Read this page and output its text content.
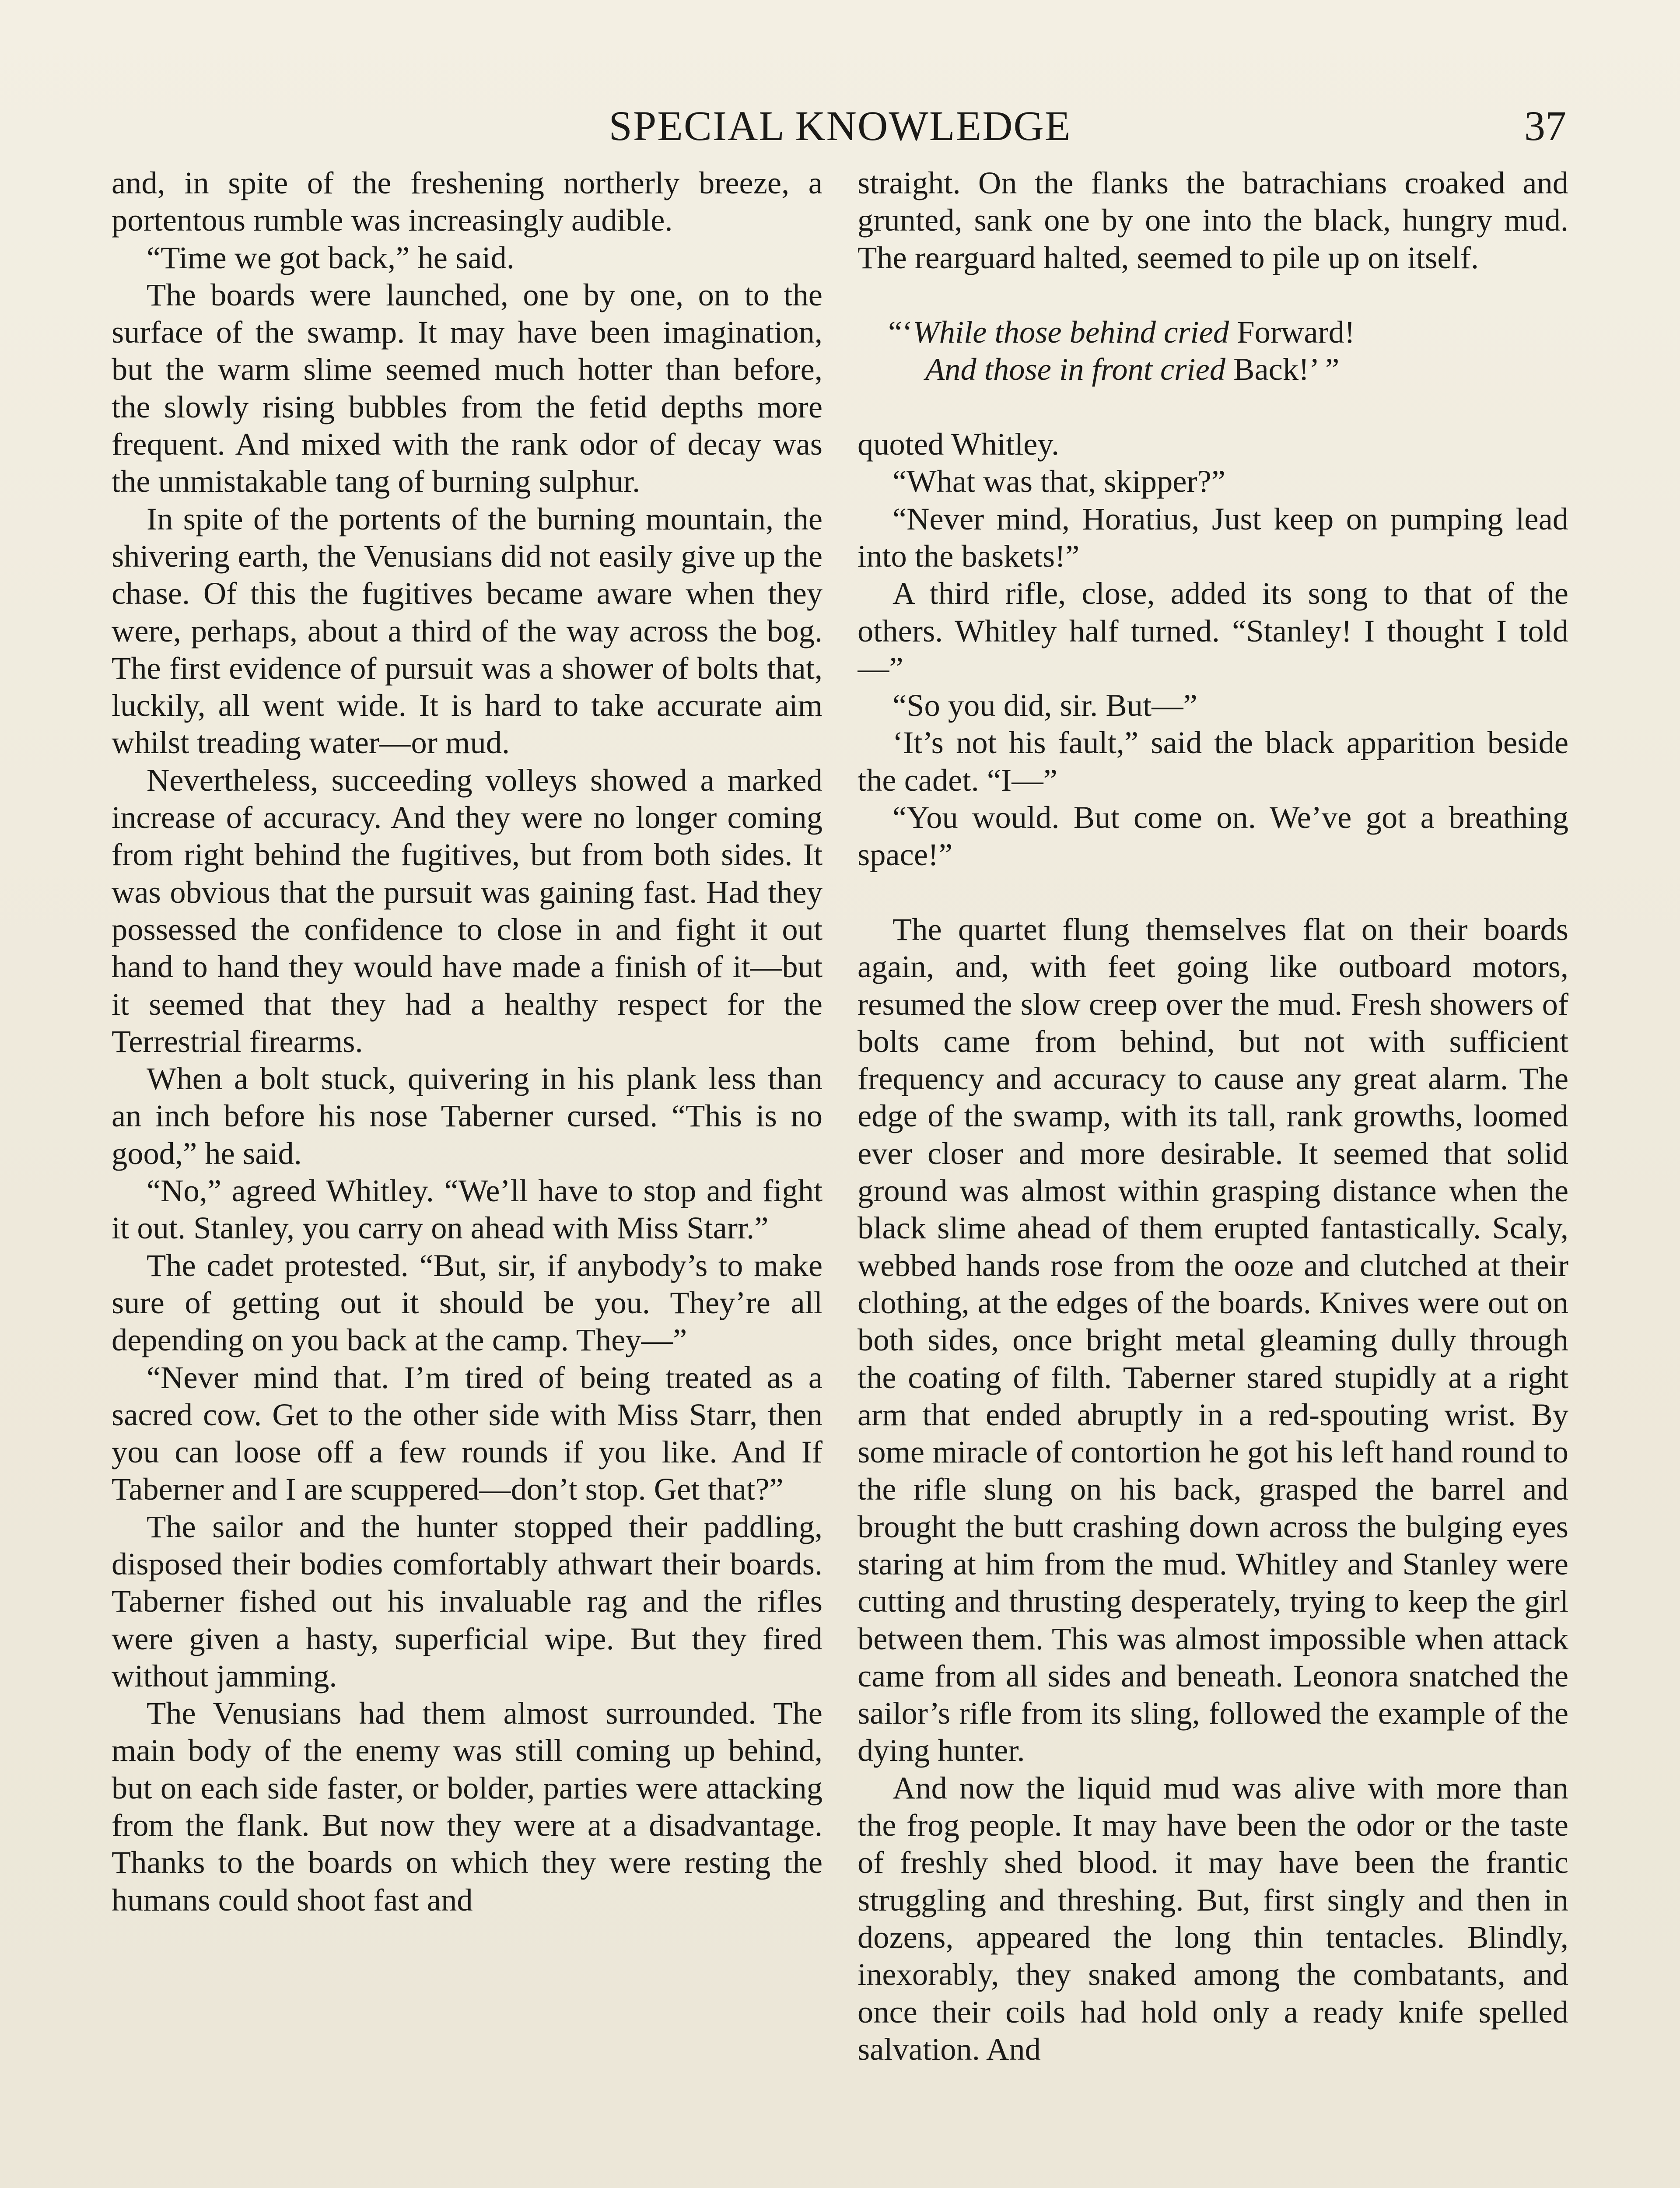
SPECIAL KNOWLEDGE	37

and, in spite of the freshening northerly breeze, a portentous rumble was increasingly audible.

“Time we got back,” he said.

The boards were launched, one by one, on to the surface of the swamp. It may have been imagination, but the warm slime seemed much hotter than before, the slowly rising bubbles from the fetid depths more frequent. And mixed with the rank odor of decay was the unmistakable tang of burning sulphur.

In spite of the portents of the burning mountain, the shivering earth, the Venusians did not easily give up the chase. Of this the fugitives became aware when they were, perhaps, about a third of the way across the bog. The first evidence of pursuit was a shower of bolts that, luckily, all went wide. It is hard to take accurate aim whilst treading water—or mud.

Nevertheless, succeeding volleys showed a marked increase of accuracy. And they were no longer coming from right behind the fugitives, but from both sides. It was obvious that the pursuit was gaining fast. Had they possessed the confidence to close in and fight it out hand to hand they would have made a finish of it—but it seemed that they had a healthy respect for the Terrestrial firearms.

When a bolt stuck, quivering in his plank less than an inch before his nose Taberner cursed. “This is no good,” he said.

“No,” agreed Whitley. “We’ll have to stop and fight it out. Stanley, you carry on ahead with Miss Starr.”

The cadet protested. “But, sir, if anybody’s to make sure of getting out it should be you. They’re all depending on you back at the camp. They—”

“Never mind that. I’m tired of being treated as a sacred cow. Get to the other side with Miss Starr, then you can loose off a few rounds if you like. And If Taberner and I are scuppered—don’t stop. Get that?”

The sailor and the hunter stopped their paddling, disposed their bodies comfortably athwart their boards. Taberner fished out his invaluable rag and the rifles were given a hasty, superficial wipe. But they fired without jamming.

The Venusians had them almost surrounded. The main body of the enemy was still coming up behind, but on each side faster, or bolder, parties were attacking from the flank. But now they were at a disadvantage. Thanks to the boards on which they were resting the humans could shoot fast and

straight. On the flanks the batrachians croaked and grunted, sank one by one into the black, hungry mud. The rearguard halted, seemed to pile up on itself.

“‘While those behind cried Forward!
And those in front cried Back!’ ”

quoted Whitley.

“What was that, skipper?”

“Never mind, Horatius, Just keep on pumping lead into the baskets!”

A third rifle, close, added its song to that of the others. Whitley half turned. “Stanley! I thought I told—”

“So you did, sir. But—”

‘It’s not his fault,” said the black apparition beside the cadet. “I—”

“You would. But come on. We’ve got a breathing space!”

The quartet flung themselves flat on their boards again, and, with feet going like outboard motors, resumed the slow creep over the mud. Fresh showers of bolts came from behind, but not with sufficient frequency and accuracy to cause any great alarm. The edge of the swamp, with its tall, rank growths, loomed ever closer and more desirable. It seemed that solid ground was almost within grasping distance when the black slime ahead of them erupted fantastically. Scaly, webbed hands rose from the ooze and clutched at their clothing, at the edges of the boards. Knives were out on both sides, once bright metal gleaming dully through the coating of filth. Taberner stared stupidly at a right arm that ended abruptly in a red-spouting wrist. By some miracle of contortion he got his left hand round to the rifle slung on his back, grasped the barrel and brought the butt crashing down across the bulging eyes staring at him from the mud. Whitley and Stanley were cutting and thrusting desperately, trying to keep the girl between them. This was almost impossible when attack came from all sides and beneath. Leonora snatched the sailor’s rifle from its sling, followed the example of the dying hunter.

And now the liquid mud was alive with more than the frog people. It may have been the odor or the taste of freshly shed blood. it may have been the frantic struggling and threshing. But, first singly and then in dozens, appeared the long thin tentacles. Blindly, inexorably, they snaked among the combatants, and once their coils had hold only a ready knife spelled salvation. And
